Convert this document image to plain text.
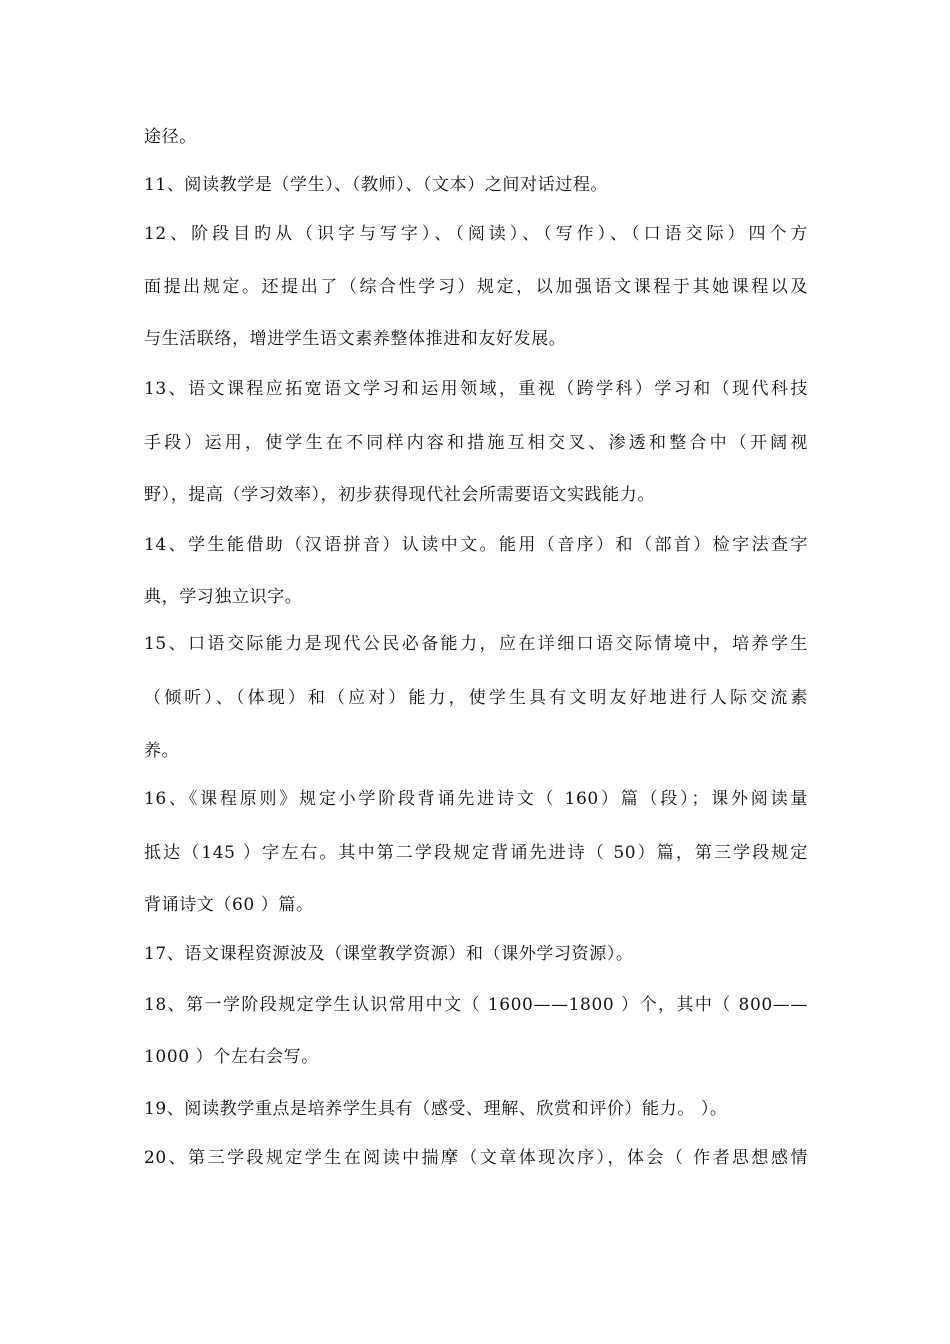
途径。
11、阅读教学是（学生）、（教师）、（文本）之间对话过程。
12、阶段目旳从（识字与写字）、（阅读）、（写作）、（口语交际）四个方
面提出规定。还提出了（综合性学习）规定，以加强语文课程于其她课程以及
与生活联络，增进学生语文素养整体推进和友好发展。
13、语文课程应拓宽语文学习和运用领域，重视（跨学科）学习和（现代科技
手段）运用，使学生在不同样内容和措施互相交叉、渗透和整合中（开阔视
野），提高（学习效率），初步获得现代社会所需要语文实践能力。
14、学生能借助（汉语拼音）认读中文。能用（音序）和（部首）检字法查字
典，学习独立识字。
15、口语交际能力是现代公民必备能力，应在详细口语交际情境中，培养学生
（倾听）、（体现）和（应对）能力，使学生具有文明友好地进行人际交流素
养。
16、《课程原则》规定小学阶段背诵先进诗文（ 160）篇（段）；课外阅读量
抵达（145 ）字左右。其中第二学段规定背诵先进诗（ 50）篇，第三学段规定
背诵诗文（60 ）篇。
17、语文课程资源波及（课堂教学资源）和（课外学习资源）。
18、第一学阶段规定学生认识常用中文（ 1600——1800 ）个，其中（ 800——
1000 ）个左右会写。
19、阅读教学重点是培养学生具有（感受、理解、欣赏和评价）能力。 ）。
20、第三学段规定学生在阅读中揣摩（文章体现次序），体会（ 作者思想感情
